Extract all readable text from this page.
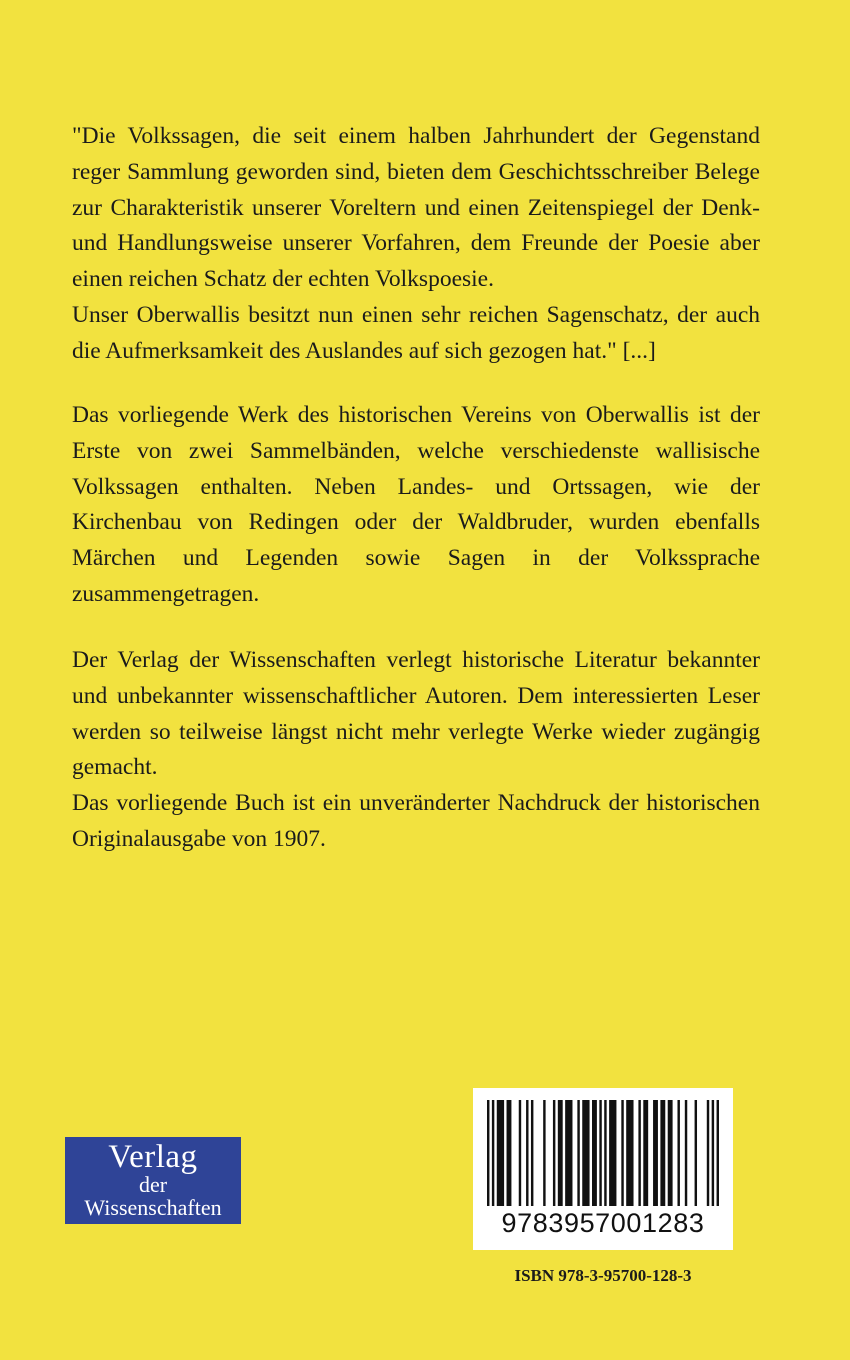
"Die Volkssagen, die seit einem halben Jahrhundert der Gegenstand reger Sammlung geworden sind, bieten dem Geschichtsschreiber Belege zur Charakteristik unserer Voreltern und einen Zeitenspiegel der Denk- und Handlungsweise unserer Vorfahren, dem Freunde der Poesie aber einen reichen Schatz der echten Volkspoesie.

Unser Oberwallis besitzt nun einen sehr reichen Sagenschatz, der auch die Aufmerksamkeit des Auslandes auf sich gezogen hat." [...]

Das vorliegende Werk des historischen Vereins von Oberwallis ist der Erste von zwei Sammelbänden, welche verschiedenste wallisische Volkssagen enthalten. Neben Landes- und Ortssagen, wie der Kirchenbau von Redingen oder der Waldbruder, wurden ebenfalls Märchen und Legenden sowie Sagen in der Volkssprache zusammengetragen.

Der Verlag der Wissenschaften verlegt historische Literatur bekannter und unbekannter wissenschaftlicher Autoren. Dem interessierten Leser werden so teilweise längst nicht mehr verlegte Werke wieder zugängig gemacht.

Das vorliegende Buch ist ein unveränderter Nachdruck der historischen Originalausgabe von 1907.

Verlag
der
Wissenschaften
9783957001283
ISBN 978-3-95700-128-3
